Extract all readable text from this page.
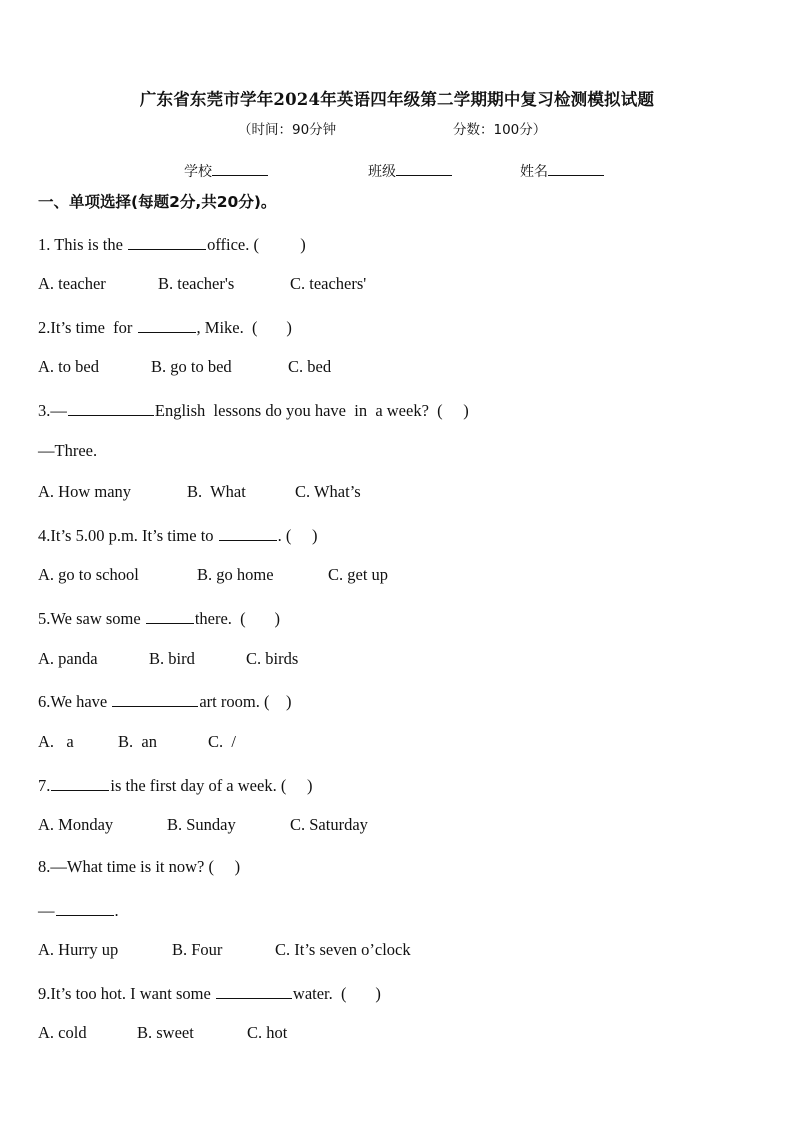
广东省东莞市学年2024年英语四年级第二学期期中复习检测模拟试题
（时间：90分钟	分数：100分）
学校	班级	姓名
一、单项选择(每题2分,共20分)。
1. This is the	office. (          )
A. teacher	B. teacher's	C. teachers'
2.It’s time  for	, Mike.  (       )
A. to bed	B. go to bed	C. bed
3.—	English  lessons do you have  in  a week?  (     )
—Three.
A. How many	B.  What	C. What’s
4.It’s 5.00 p.m. It’s time to	. (     )
A. go to school	B. go home	C. get up
5.We saw some	there.  (       )
A. panda	B. bird	C. birds
6.We have	art room. (    )
A.   a	B.  an	C.  /
7.	is the first day of a week. (     )
A. Monday	B. Sunday	C. Saturday
8.—What time is it now? (     )
—	.
A. Hurry up	B. Four	C. It’s seven o’clock
9.It’s too hot. I want some	water.  (       )
A. cold	B. sweet	C. hot
